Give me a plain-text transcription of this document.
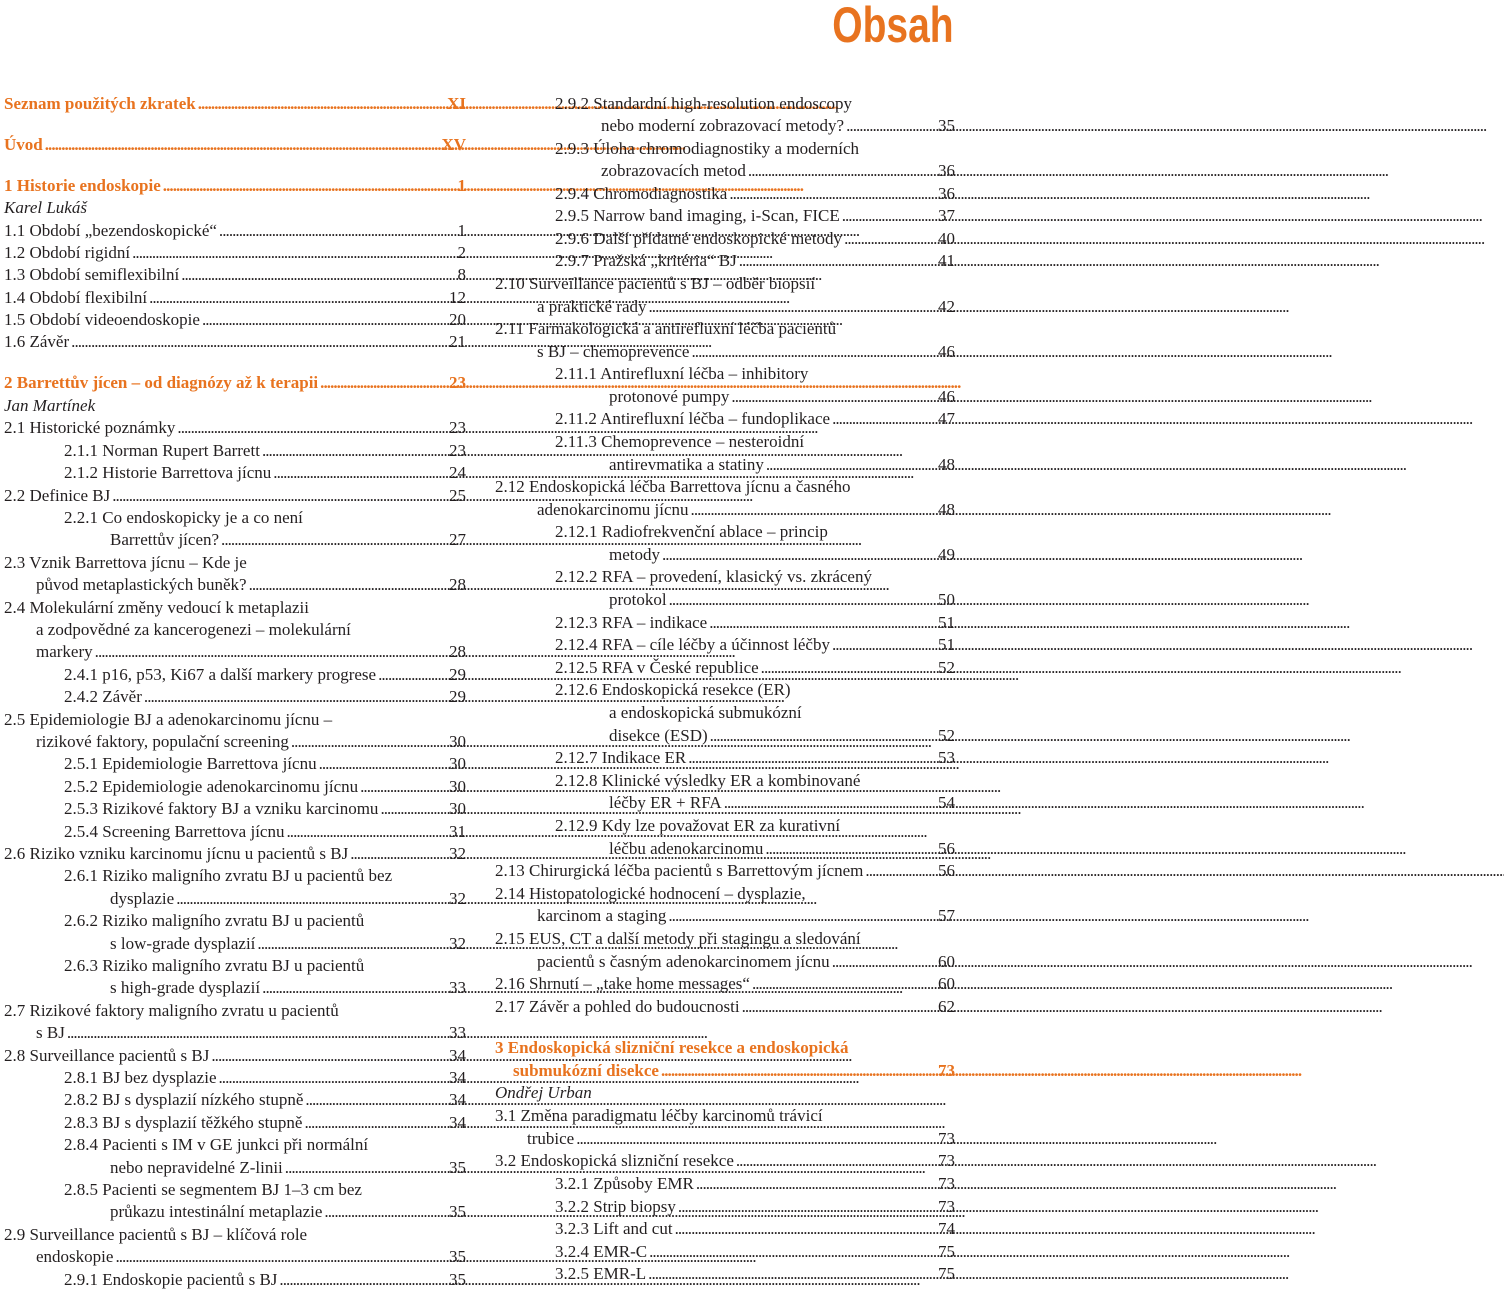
Obsah
Seznam použitých zkratek . . .	XI
Úvod . . .	XV
1 Historie endoskopie . . .	1
Karel Lukáš
1.1 Období „bezendoskopické“ . . .	1
1.2 Období rigidní . . .	2
1.3 Období semiflexibilní . . .	8
1.4 Období flexibilní . . .	12
1.5 Období videoendoskopie . . .	20
1.6 Závěr . . .	21
2 Barrettův jícen – od diagnózy až k terapii . . .	23
Jan Martínek
2.1 Historické poznámky . . .	23
2.1.1 Norman Rupert Barrett . . .	23
2.1.2 Historie Barrettova jícnu . . .	24
2.2 Definice BJ . . .	25
2.2.1 Co endoskopicky je a co není
Barrettův jícen? . . .	27
2.3 Vznik Barrettova jícnu – Kde je
původ metaplastických buněk? . . .	28
2.4 Molekulární změny vedoucí k metaplazii
a zodpovědné za kancerogenezi – molekulární
markery . . .	28
2.4.1 p16, p53, Ki67 a další markery progrese . . .	29
2.4.2 Závěr . . .	29
2.5 Epidemiologie BJ a adenokarcinomu jícnu –
rizikové faktory, populační screening . . .	30
2.5.1 Epidemiologie Barrettova jícnu . . .	30
2.5.2 Epidemiologie adenokarcinomu jícnu . . .	30
2.5.3 Rizikové faktory BJ a vzniku karcinomu . . .	30
2.5.4 Screening Barrettova jícnu . . .	31
2.6 Riziko vzniku karcinomu jícnu u pacientů s BJ . . .	32
2.6.1 Riziko maligního zvratu BJ u pacientů bez
dysplazie . . .	32
2.6.2 Riziko maligního zvratu BJ u pacientů
s low-grade dysplazií . . .	32
2.6.3 Riziko maligního zvratu BJ u pacientů
s high-grade dysplazií . . .	33
2.7 Rizikové faktory maligního zvratu u pacientů
s BJ . . .	33
2.8 Surveillance pacientů s BJ . . .	34
2.8.1 BJ bez dysplazie . . .	34
2.8.2 BJ s dysplazií nízkého stupně . . .	34
2.8.3 BJ s dysplazií těžkého stupně . . .	34
2.8.4 Pacienti s IM v GE junkci při normální
nebo nepravidelné Z-linii . . .	35
2.8.5 Pacienti se segmentem BJ 1–3 cm bez
průkazu intestinální metaplazie . . .	35
2.9 Surveillance pacientů s BJ – klíčová role
endoskopie . . .	35
2.9.1 Endoskopie pacientů s BJ . . .	35
2.9.2 Standardní high-resolution endoscopy
nebo moderní zobrazovací metody? . . .	35
2.9.3 Úloha chromodiagnostiky a moderních
zobrazovacích metod . . .	36
2.9.4 Chromodiagnostika . . .	36
2.9.5 Narrow band imaging, i-Scan, FICE . . .	37
2.9.6 Další přídatné endoskopické metody . . .	40
2.9.7 Pražská „kritéria“ BJ . . .	41
2.10 Surveillance pacientů s BJ – odběr biopsií
a praktické rady . . .	42
2.11 Farmakologická a antirefluxní léčba pacientů
s BJ – chemoprevence . . .	46
2.11.1 Antirefluxní léčba – inhibitory
protonové pumpy . . .	46
2.11.2 Antirefluxní léčba – fundoplikace . . .	47
2.11.3 Chemoprevence – nesteroidní
antirevmatika a statiny . . .	48
2.12 Endoskopická léčba Barrettova jícnu a časného
adenokarcinomu jícnu . . .	48
2.12.1 Radiofrekvenční ablace – princip
metody . . .	49
2.12.2 RFA – provedení, klasický vs. zkrácený
protokol . . .	50
2.12.3 RFA – indikace . . .	51
2.12.4 RFA – cíle léčby a účinnost léčby . . .	51
2.12.5 RFA v České republice . . .	52
2.12.6 Endoskopická resekce (ER)
a endoskopická submukózní
disekce (ESD) . . .	52
2.12.7 Indikace ER . . .	53
2.12.8 Klinické výsledky ER a kombinované
léčby ER + RFA . . .	54
2.12.9 Kdy lze považovat ER za kurativní
léčbu adenokarcinomu . . .	56
2.13 Chirurgická léčba pacientů s Barrettovým jícnem . . .	56
2.14 Histopatologické hodnocení – dysplazie,
karcinom a staging . . .	57
2.15 EUS, CT a další metody při stagingu a sledování
pacientů s časným adenokarcinomem jícnu . . .	60
2.16 Shrnutí – „take home messages“ . . .	60
2.17 Závěr a pohled do budoucnosti . . .	62
3 Endoskopická slizniční resekce a endoskopická
submukózní disekce . . .	73
Ondřej Urban
3.1 Změna paradigmatu léčby karcinomů trávicí
trubice . . .	73
3.2 Endoskopická slizniční resekce . . .	73
3.2.1 Způsoby EMR . . .	73
3.2.2 Strip biopsy . . .	73
3.2.3 Lift and cut . . .	74
3.2.4 EMR-C . . .	75
3.2.5 EMR-L . . .	75
